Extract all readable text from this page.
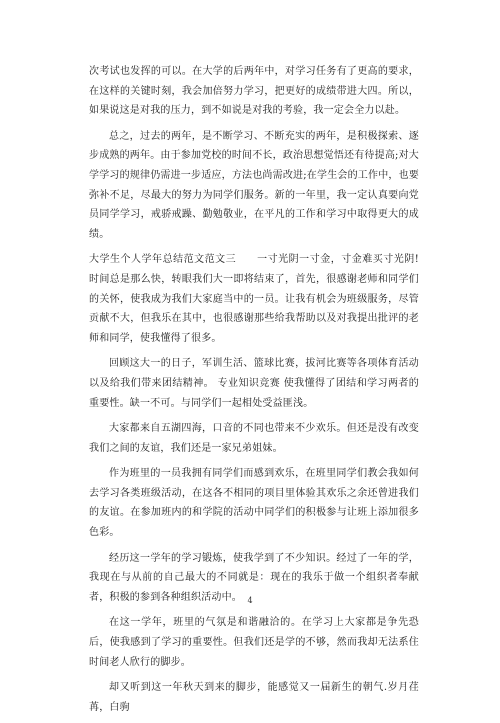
次考试也发挥的可以。在大学的后两年中，对学习任务有了更高的要求，在这样的关键时刻，我会加倍努力学习，把更好的成绩带进大四。所以，如果说这是对我的压力，到不如说是对我的考验，我一定会全力以赴。

总之，过去的两年，是不断学习、不断充实的两年，是积极探索、逐步成熟的两年。由于参加党校的时间不长，政治思想觉悟还有待提高;对大学学习的规律仍需进一步适应，方法也尚需改进;在学生会的工作中，也要弥补不足，尽最大的努力为同学们服务。新的一年里，我一定认真要向党员同学学习，戒骄戒躁、勤勉敬业，在平凡的工作和学习中取得更大的成绩。

大学生个人学年总结范文范文三　　一寸光阴一寸金，寸金难买寸光阴!时间总是那么快，转眼我们大一即将结束了，首先，很感谢老师和同学们的关怀，使我成为我们大家庭当中的一员。让我有机会为班级服务，尽管贡献不大，但我乐在其中，也很感谢那些给我帮助以及对我提出批评的老师和同学，使我懂得了很多。

回顾这大一的日子，军训生活、篮球比赛，拔河比赛等各项体育活动以及给我们带来团结精神。 专业知识竞赛 使我懂得了团结和学习两者的重要性。缺一不可。与同学们一起相处受益匪浅。

大家都来自五湖四海，口音的不同也带来不少欢乐。但还是没有改变我们之间的友谊，我们还是一家兄弟姐妹。

作为班里的一员我拥有同学们而感到欢乐，在班里同学们教会我如何去学习各类班级活动，在这各不相同的项目里体验其欢乐之余还曾进我们的友谊。在参加班内的和学院的活动中同学们的积极参与让班上添加很多色彩。

经历这一学年的学习锻炼，使我学到了不少知识。经过了一年的学，我现在与从前的自己最大的不同就是：现在的我乐于做一个组织者奉献者，积极的参到各种组织活动中。

在这一学年，班里的气氛是和谐融洽的。在学习上大家都是争先恐后，使我感到了学习的重要性。但我们还是学的不够，然而我却无法系住时间老人欣行的脚步。

却又听到这一年秋天到来的脚步，能感觉又一届新生的朝气.岁月荏苒，白驹

4
